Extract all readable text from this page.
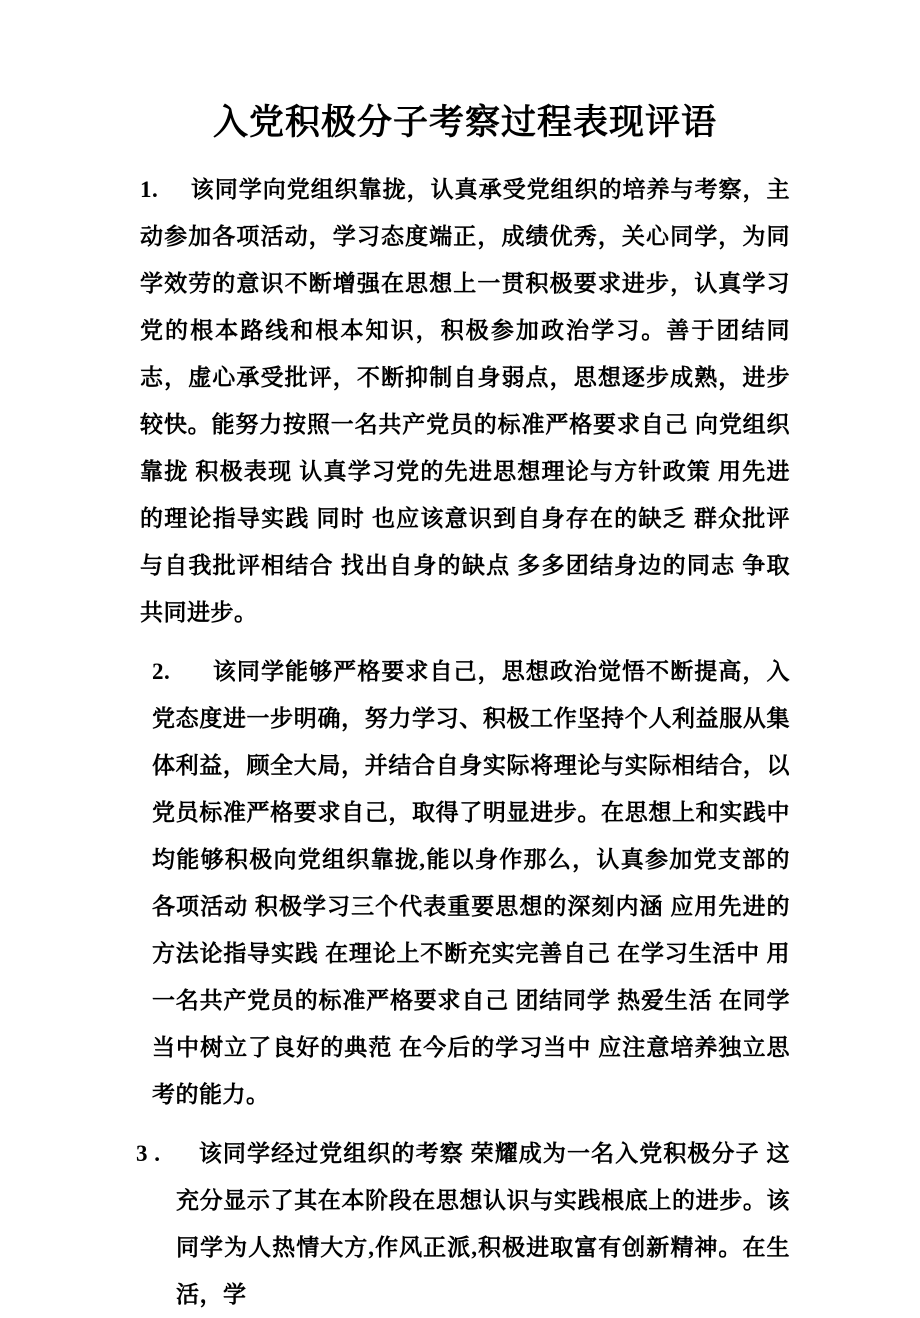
入党积极分子考察过程表现评语

1. 该同学向党组织靠拢，认真承受党组织的培养与考察，主动参加各项活动，学习态度端正，成绩优秀，关心同学，为同学效劳的意识不断增强在思想上一贯积极要求进步，认真学习党的根本路线和根本知识，积极参加政治学习。善于团结同志，虚心承受批评，不断抑制自身弱点，思想逐步成熟，进步较快。能努力按照一名共产党员的标准严格要求自己 向党组织靠拢 积极表现 认真学习党的先进思想理论与方针政策 用先进的理论指导实践 同时 也应该意识到自身存在的缺乏 群众批评与自我批评相结合 找出自身的缺点 多多团结身边的同志 争取共同进步。

2. 该同学能够严格要求自己，思想政治觉悟不断提高，入党态度进一步明确，努力学习、积极工作坚持个人利益服从集体利益，顾全大局，并结合自身实际将理论与实际相结合，以党员标准严格要求自己，取得了明显进步。在思想上和实践中均能够积极向党组织靠拢,能以身作那么，认真参加党支部的各项活动 积极学习三个代表重要思想的深刻内涵 应用先进的方法论指导实践 在理论上不断充实完善自己 在学习生活中 用一名共产党员的标准严格要求自己 团结同学 热爱生活 在同学当中树立了良好的典范 在今后的学习当中 应注意培养独立思考的能力。

3 . 该同学经过党组织的考察 荣耀成为一名入党积极分子 这充分显示了其在本阶段在思想认识与实践根底上的进步。该同学为人热情大方,作风正派,积极进取富有创新精神。在生活，学
